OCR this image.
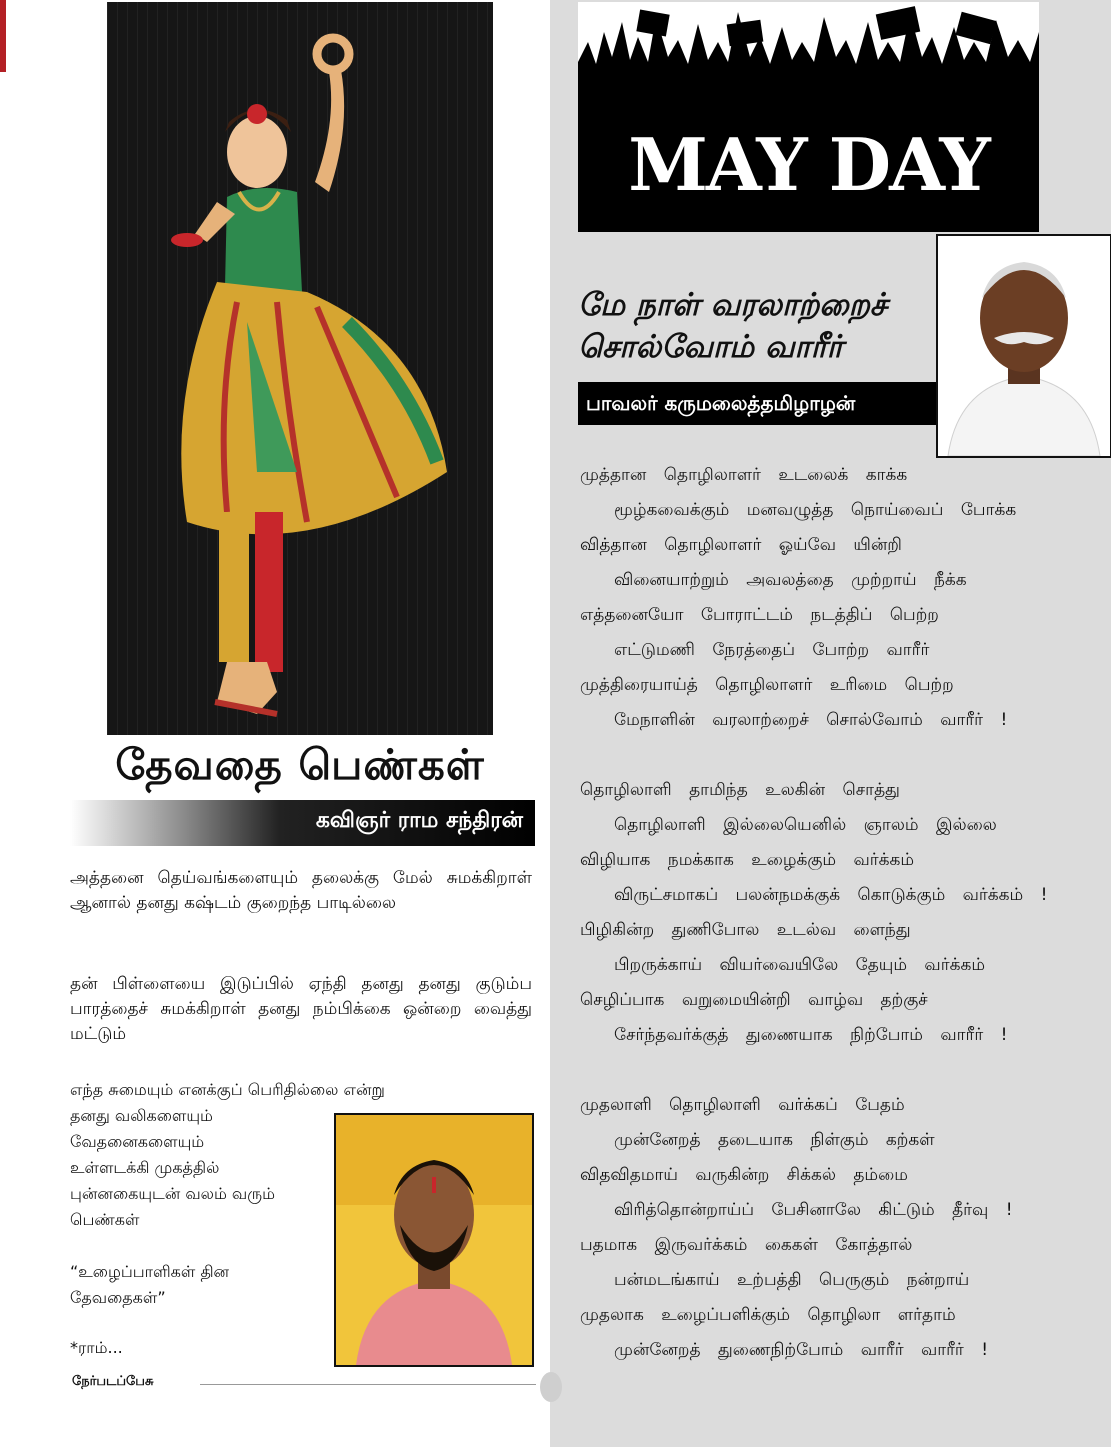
தேவதை பெண்கள்
கவிஞர் ராம சந்திரன்
அத்தனை தெய்வங்களையும் தலைக்கு மேல் சுமக்கிறாள் ஆனால் தனது கஷ்டம் குறைந்த பாடில்லை
தன் பிள்ளையை இடுப்பில் ஏந்தி தனது தனது குடும்ப பாரத்தைச் சுமக்கிறாள் தனது நம்பிக்கை ஒன்றை வைத்து மட்டும்
எந்த சுமையும் எனக்குப் பெரிதில்லை என்று
தனது வலிகளையும்
வேதனைகளையும்
உள்ளடக்கி முகத்தில்
புன்னகையுடன் வலம் வரும்
பெண்கள்
“உழைப்பாளிகள் தின
தேவதைகள்”
*ராம்...
நேர்படப்பேசு
MAY DAY
மே நாள் வரலாற்றைச்
சொல்வோம் வாரீர்
பாவலர் கருமலைத்தமிழாழன்
முத்தான தொழிலாளர் உடலைக் காக்க
மூழ்கவைக்கும் மனவழுத்த நொய்வைப் போக்க
வித்தான தொழிலாளர் ஓய்வே யின்றி
வினையாற்றும் அவலத்தை முற்றாய் நீக்க
எத்தனையோ போராட்டம் நடத்திப் பெற்ற
எட்டுமணி நேரத்தைப் போற்ற வாரீர்
முத்திரையாய்த் தொழிலாளர் உரிமை பெற்ற
மேநாளின் வரலாற்றைச் சொல்வோம் வாரீர் !
தொழிலாளி தாமிந்த உலகின் சொத்து
தொழிலாளி இல்லையெனில் ஞாலம் இல்லை
விழியாக நமக்காக உழைக்கும் வர்க்கம்
விருட்சமாகப் பலன்நமக்குக் கொடுக்கும் வர்க்கம் !
பிழிகின்ற துணிபோல உடல்வ ளைந்து
பிறருக்காய் வியர்வையிலே தேயும் வர்க்கம்
செழிப்பாக வறுமையின்றி வாழ்வ தற்குச்
சேர்ந்தவர்க்குத் துணையாக நிற்போம் வாரீர் !
முதலாளி தொழிலாளி வர்க்கப் பேதம்
முன்னேறத் தடையாக நிள்கும் கற்கள்
விதவிதமாய் வருகின்ற சிக்கல் தம்மை
விரித்தொன்றாய்ப் பேசினாலே கிட்டும் தீர்வு !
பதமாக இருவர்க்கம் கைகள் கோத்தால்
பன்மடங்காய் உற்பத்தி பெருகும் நன்றாய்
முதலாக உழைப்பளிக்கும் தொழிலா ளர்தாம்
முன்னேறத் துணைநிற்போம் வாரீர் வாரீர் !
